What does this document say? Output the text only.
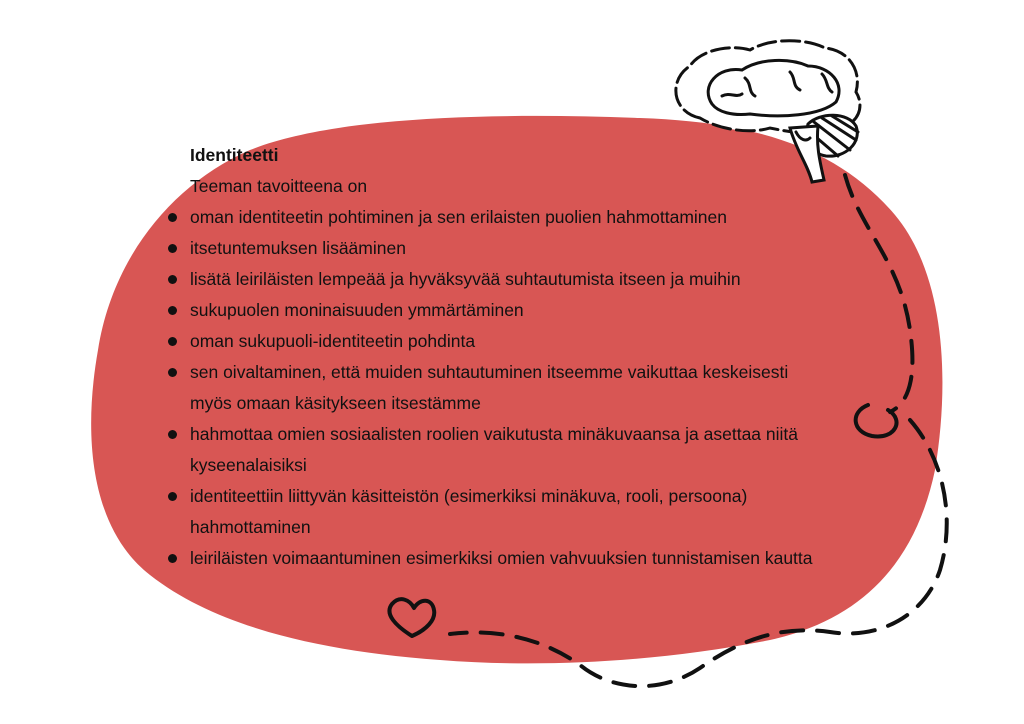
Identiteetti
Teeman tavoitteena on
oman identiteetin pohtiminen ja sen erilaisten puolien hahmottaminen
itsetuntemuksen lisääminen
lisätä leiriläisten lempeää ja hyväksyvää suhtautumista itseen ja muihin
sukupuolen moninaisuuden ymmärtäminen
oman sukupuoli-identiteetin pohdinta
sen oivaltaminen, että muiden suhtautuminen itseemme vaikuttaa keskeisesti myös omaan käsitykseen itsestämme
hahmottaa omien sosiaalisten roolien vaikutusta minäkuvaansa ja asettaa niitä kyseenalaisiksi
identiteettiin liittyvän käsitteistön (esimerkiksi minäkuva, rooli, persoona) hahmottaminen
leiriläisten voimaantuminen esimerkiksi omien vahvuuksien tunnistamisen kautta
